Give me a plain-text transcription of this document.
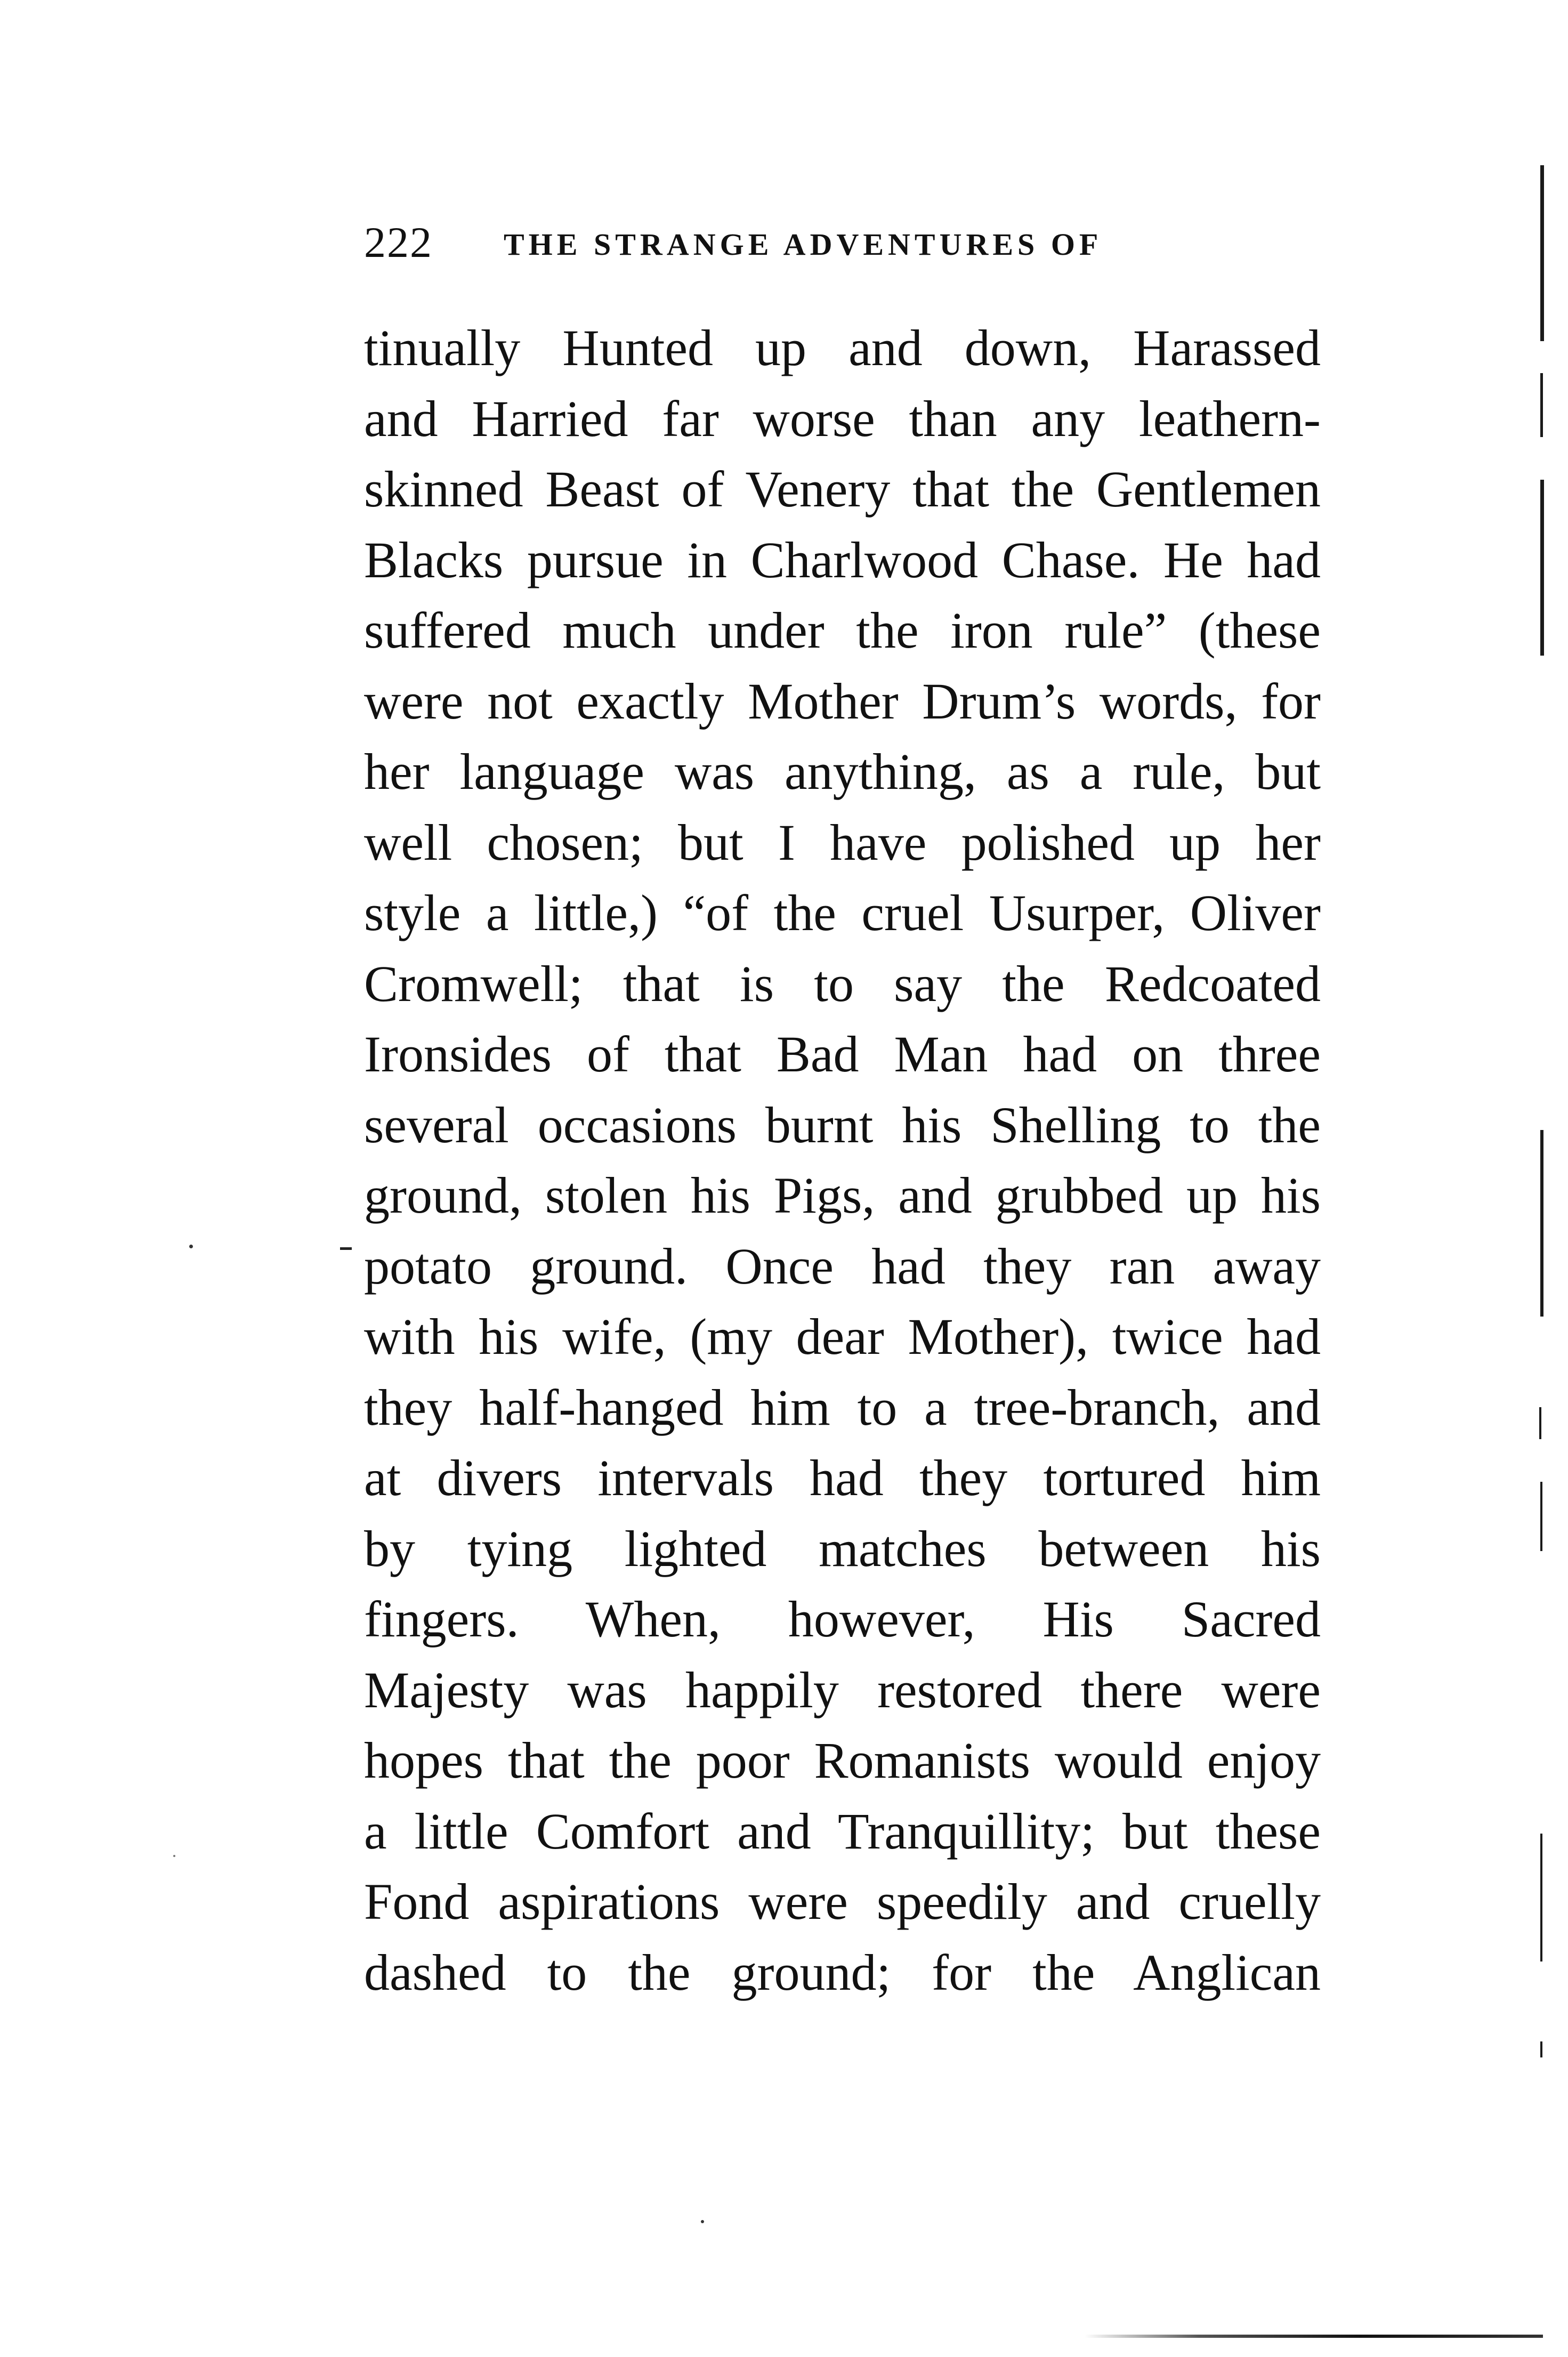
222 THE STRANGE ADVENTURES OF
tinually Hunted up and down, Harassed
and Harried far worse than any leathern-
skinned Beast of Venery that the Gentlemen
Blacks pursue in Charlwood Chase. He had
suffered much under the iron rule” (these
were not exactly Mother Drum’s words, for
her language was anything, as a rule, but
well chosen; but I have polished up her
style a little,) “of the cruel Usurper, Oliver
Cromwell; that is to say the Redcoated
Ironsides of that Bad Man had on three
several occasions burnt his Shelling to the
ground, stolen his Pigs, and grubbed up his
potato ground. Once had they ran away
with his wife, (my dear Mother), twice had
they half-hanged him to a tree-branch, and
at divers intervals had they tortured him
by tying lighted matches between his
fingers. When, however, His Sacred
Majesty was happily restored there were
hopes that the poor Romanists would enjoy
a little Comfort and Tranquillity; but these
Fond aspirations were speedily and cruelly
dashed to the ground; for the Anglican
